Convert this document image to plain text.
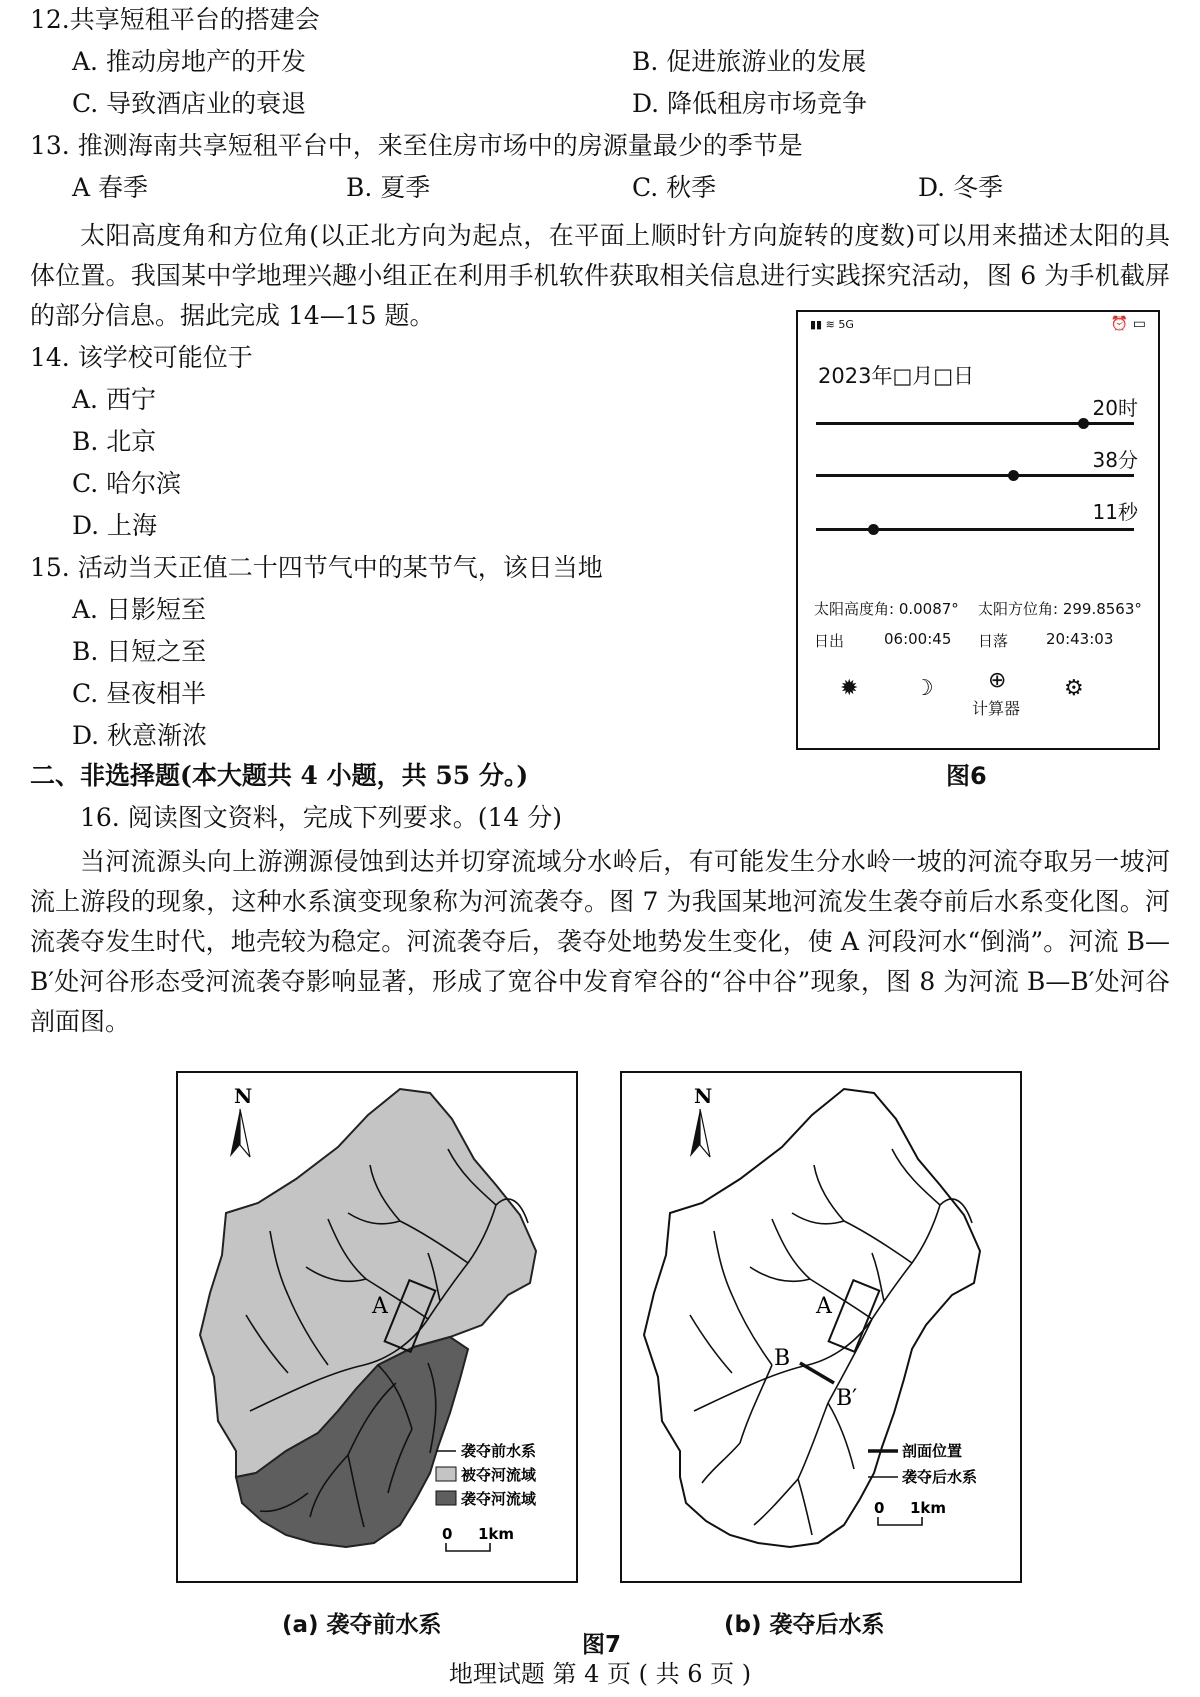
12.共享短租平台的搭建会
A. 推动房地产的开发	B. 促进旅游业的发展
C. 导致酒店业的衰退	D. 降低租房市场竞争
13. 推测海南共享短租平台中，来至住房市场中的房源量最少的季节是
A 春季	B. 夏季	C. 秋季	D. 冬季
太阳高度角和方位角(以正北方向为起点，在平面上顺时针方向旋转的度数)可以用来描述太阳的具体位置。我国某中学地理兴趣小组正在利用手机软件获取相关信息进行实践探究活动，图 6 为手机截屏的部分信息。据此完成 14—15 题。
14. 该学校可能位于
A. 西宁
B. 北京
C. 哈尔滨
D. 上海
15. 活动当天正值二十四节气中的某节气，该日当地
A. 日影短至
B. 日短之至
C. 昼夜相半
D. 秋意渐浓
▮▮ ≋ 5G	⏰ ▭
2023年□月□日
20时
38分
11秒
太阳高度角: 0.0087° 太阳方位角: 299.8563°
日出	06:00:45 日落	20:43:03
✹	☽ ⊕
计算器
⚙
图6
二、非选择题(本大题共 4 小题，共 55 分。)
16. 阅读图文资料，完成下列要求。(14 分)
当河流源头向上游溯源侵蚀到达并切穿流域分水岭后，有可能发生分水岭一坡的河流夺取另一坡河流上游段的现象，这种水系演变现象称为河流袭夺。图 7 为我国某地河流发生袭夺前后水系变化图。河流袭夺发生时代，地壳较为稳定。河流袭夺后，袭夺处地势发生变化，使 A 河段河水“倒淌”。河流 B—B′处河谷形态受河流袭夺影响显著，形成了宽谷中发育窄谷的“谷中谷”现象，图 8 为河流 B—B′处河谷剖面图。
A
N
袭夺前水系
被夺河流域
袭夺河流域
0 1km
A
B
B′
N
剖面位置
袭夺后水系
0 1km
(a) 袭夺前水系	(b) 袭夺后水系
图7
地理试题 第 4 页 ( 共 6 页 )
